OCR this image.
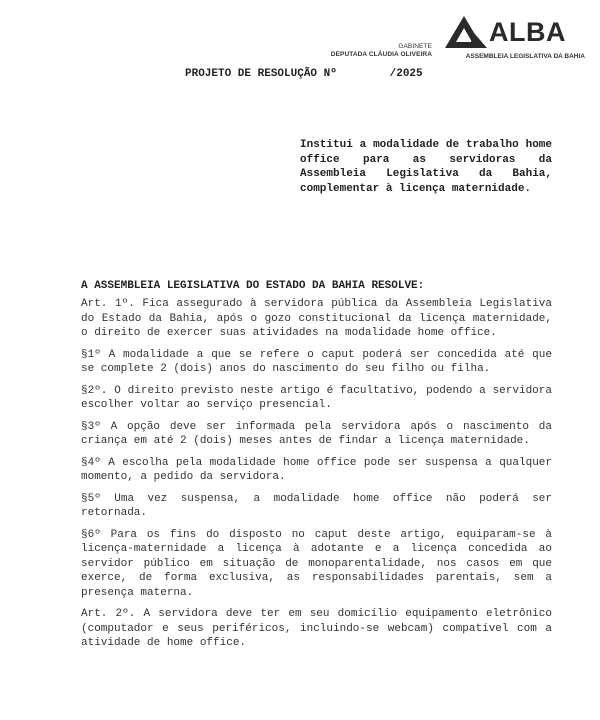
GABINETE
DEPUTADA CLÁUDIA OLIVEIRA
ALBA
ASSEMBLEIA LEGISLATIVA DA BAHIA
PROJETO DE RESOLUÇÃO Nº        /2025

Institui a modalidade de trabalho home office para as servidoras da Assembleia Legislativa da Bahia, complementar à licença maternidade.

A ASSEMBLEIA LEGISLATIVA DO ESTADO DA BAHIA RESOLVE:

Art. 1º. Fica assegurado à servidora pública da Assembleia Legislativa do Estado da Bahia, após o gozo constitucional da licença maternidade, o direito de exercer suas atividades na modalidade home office.

§1º A modalidade a que se refere o caput poderá ser concedida até que se complete 2 (dois) anos do nascimento do seu filho ou filha.

§2º. O direito previsto neste artigo é facultativo, podendo a servidora escolher voltar ao serviço presencial.

§3º A opção deve ser informada pela servidora após o nascimento da criança em até 2 (dois) meses antes de findar a licença maternidade.

§4º A escolha pela modalidade home office pode ser suspensa a qualquer momento, a pedido da servidora.

§5º Uma vez suspensa, a modalidade home office não poderá ser retornada.

§6º Para os fins do disposto no caput deste artigo, equiparam-se à licença-maternidade a licença à adotante e a licença concedida ao servidor público em situação de monoparentalidade, nos casos em que exerce, de forma exclusiva, as responsabilidades parentais, sem a presença materna.

Art. 2º. A servidora deve ter em seu domicílio equipamento eletrônico (computador e seus periféricos, incluindo-se webcam) compatível com a atividade de home office.
